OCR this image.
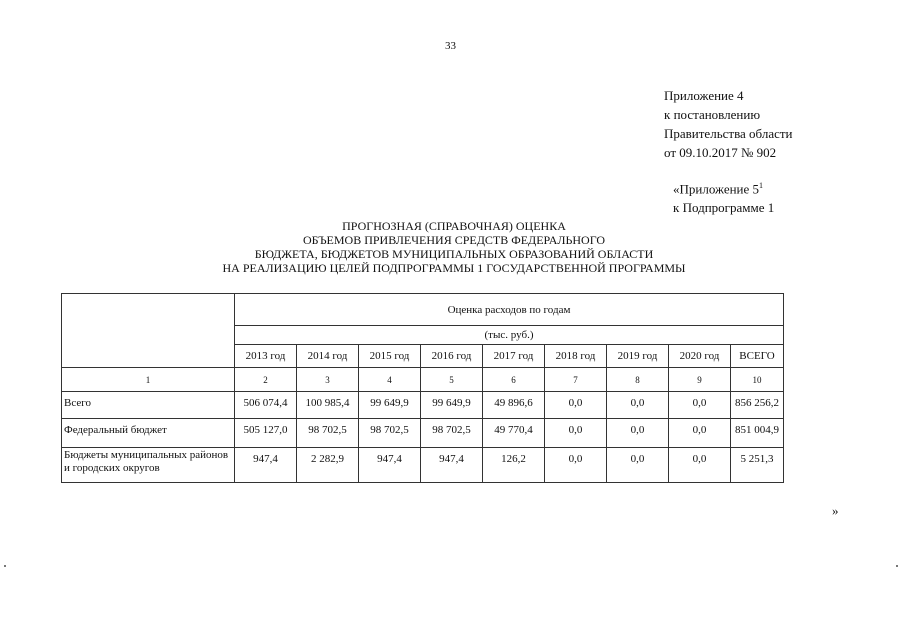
33
Приложение 4
к постановлению
Правительства области
от 09.10.2017 № 902
«Приложение $5^1$
к Подпрограмме 1
ПРОГНОЗНАЯ (СПРАВОЧНАЯ) ОЦЕНКА
ОБЪЕМОВ ПРИВЛЕЧЕНИЯ СРЕДСТВ ФЕДЕРАЛЬНОГО
БЮДЖЕТА, БЮДЖЕТОВ МУНИЦИПАЛЬНЫХ ОБРАЗОВАНИЙ ОБЛАСТИ
НА РЕАЛИЗАЦИЮ ЦЕЛЕЙ ПОДПРОГРАММЫ 1 ГОСУДАРСТВЕННОЙ ПРОГРАММЫ
	Оценка расходов по годам								
	(тыс. руб.)								
	2013 год	2014 год	2015 год	2016 год	2017 год	2018 год	2019 год	2020 год	ВСЕГО
1	2	3	4	5	6	7	8	9	10
Всего	506 074,4	100 985,4	99 649,9	99 649,9	49 896,6	0,0	0,0	0,0	856 256,2
Федеральный бюджет	505 127,0	98 702,5	98 702,5	98 702,5	49 770,4	0,0	0,0	0,0	851 004,9
Бюджеты муниципальных районов и городских округов	947,4	2 282,9	947,4	947,4	126,2	0,0	0,0	0,0	5 251,3
»
